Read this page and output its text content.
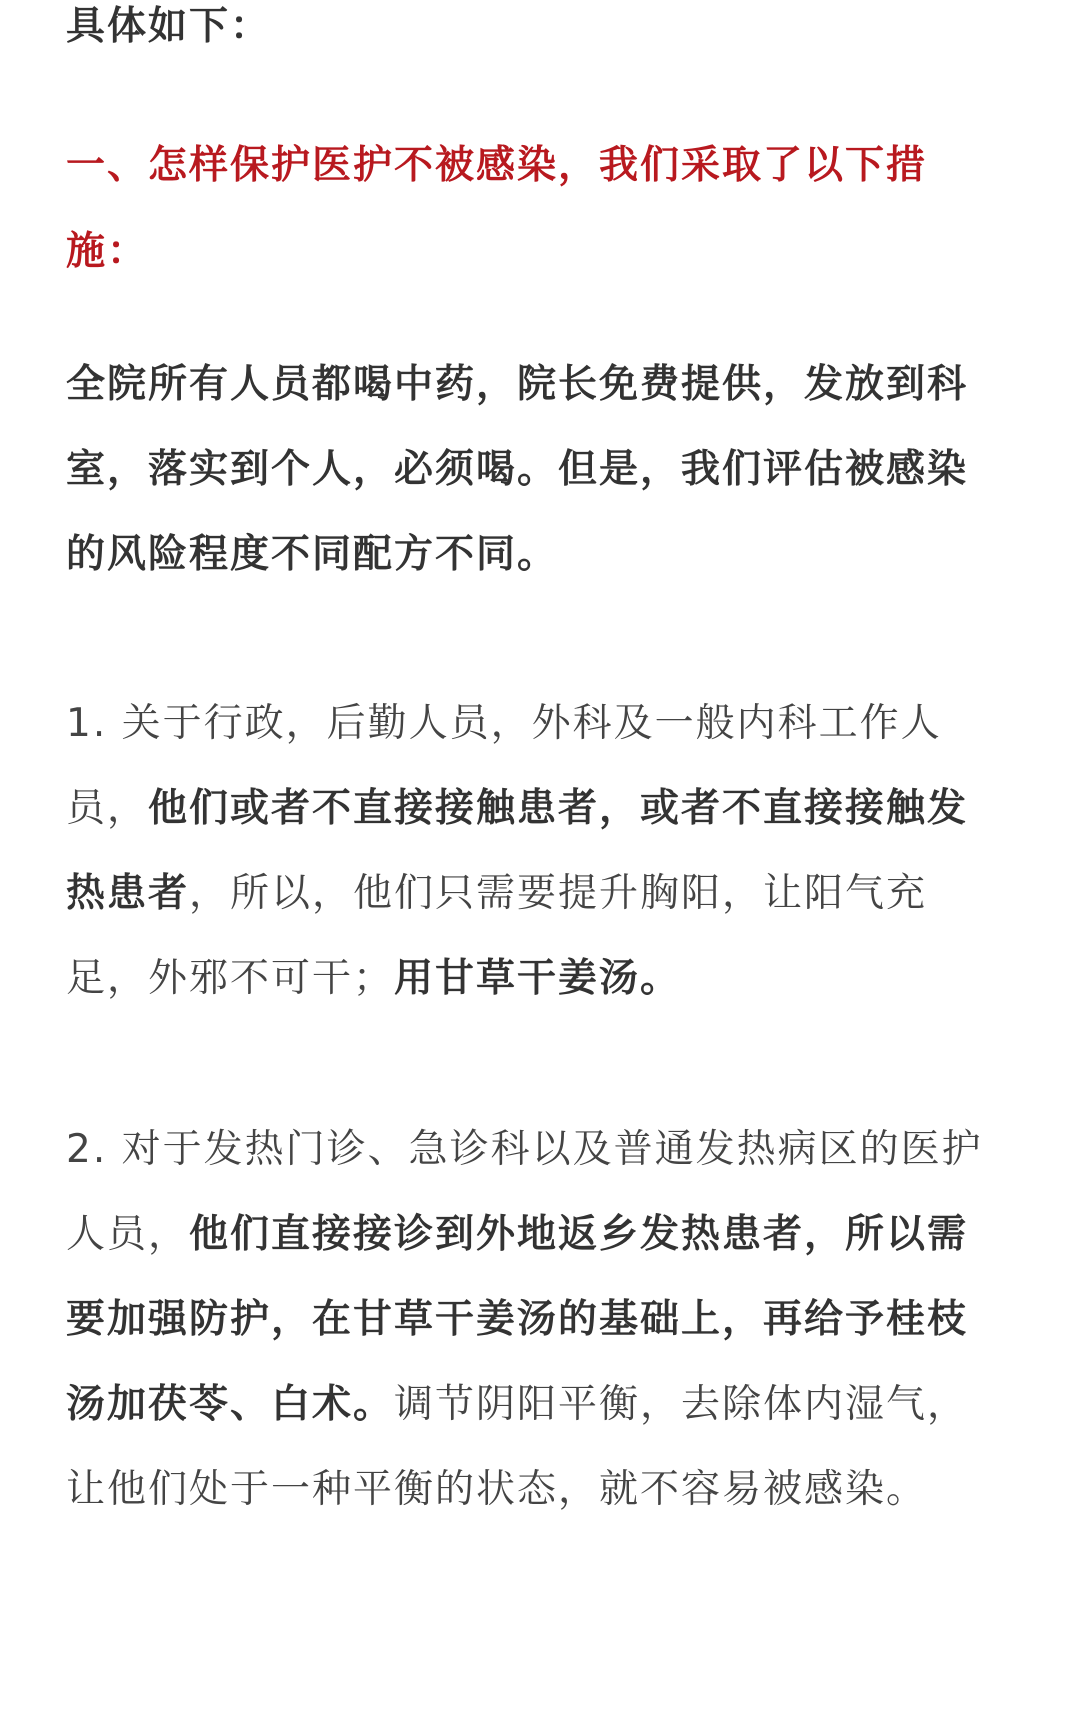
具体如下：
一、怎样保护医护不被感染，我们采取了以下措
施：
全院所有人员都喝中药，院长免费提供，发放到科
室，落实到个人，必须喝。但是，我们评估被感染
的风险程度不同配方不同。
1. 关于行政，后勤人员，外科及一般内科工作人
员，他们或者不直接接触患者，或者不直接接触发
热患者，所以，他们只需要提升胸阳，让阳气充
足，外邪不可干；用甘草干姜汤。
2. 对于发热门诊、急诊科以及普通发热病区的医护
人员，他们直接接诊到外地返乡发热患者，所以需
要加强防护，在甘草干姜汤的基础上，再给予桂枝
汤加茯苓、白术。调节阴阳平衡，去除体内湿气，
让他们处于一种平衡的状态，就不容易被感染。
